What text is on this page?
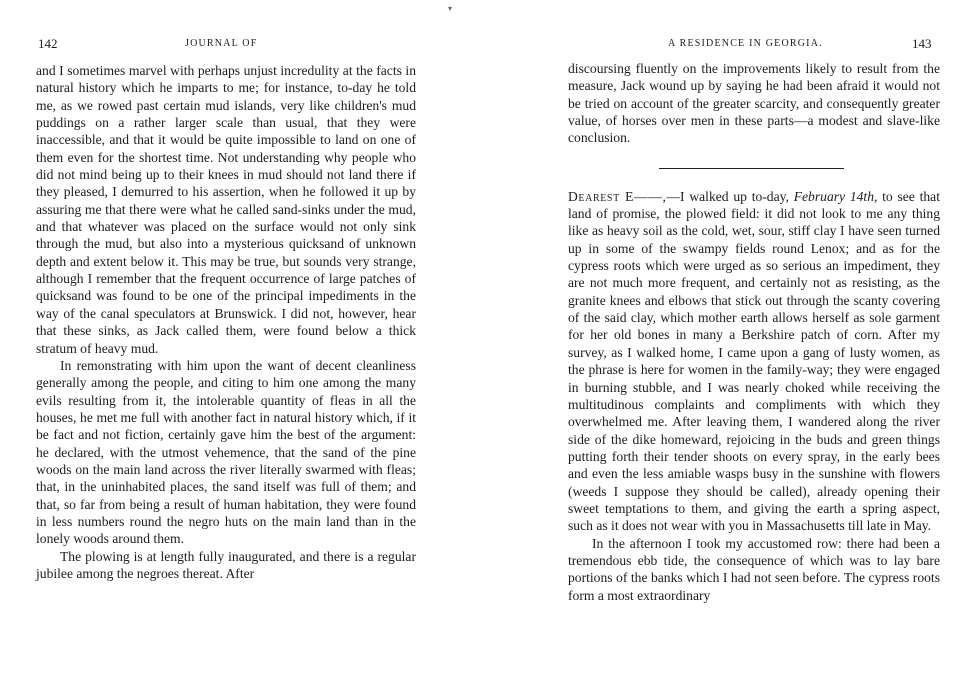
▾
142	JOURNAL OF

and I sometimes marvel with perhaps unjust incredulity at the facts in natural history which he imparts to me; for instance, to-day he told me, as we rowed past certain mud islands, very like children's mud puddings on a rather larger scale than usual, that they were inaccessible, and that it would be quite impossible to land on one of them even for the shortest time. Not understanding why people who did not mind being up to their knees in mud should not land there if they pleased, I demurred to his assertion, when he followed it up by assuring me that there were what he called sand-sinks under the mud, and that whatever was placed on the surface would not only sink through the mud, but also into a mysterious quicksand of unknown depth and extent below it. This may be true, but sounds very strange, although I remember that the frequent occurrence of large patches of quicksand was found to be one of the principal impediments in the way of the canal speculators at Brunswick. I did not, however, hear that these sinks, as Jack called them, were found below a thick stratum of heavy mud.

In remonstrating with him upon the want of decent cleanliness generally among the people, and citing to him one among the many evils resulting from it, the intolerable quantity of fleas in all the houses, he met me full with another fact in natural history which, if it be fact and not fiction, certainly gave him the best of the argument: he declared, with the utmost vehemence, that the sand of the pine woods on the main land across the river literally swarmed with fleas; that, in the uninhabited places, the sand itself was full of them; and that, so far from being a result of human habitation, they were found in less numbers round the negro huts on the main land than in the lonely woods around them.

The plowing is at length fully inaugurated, and there is a regular jubilee among the negroes thereat. After

A RESIDENCE IN GEORGIA.	143

discoursing fluently on the improvements likely to result from the measure, Jack wound up by saying he had been afraid it would not be tried on account of the greater scarcity, and consequently greater value, of horses over men in these parts—a modest and slave-like conclusion.

Dearest E——,—I walked up to-day, February 14th, to see that land of promise, the plowed field: it did not look to me any thing like as heavy soil as the cold, wet, sour, stiff clay I have seen turned up in some of the swampy fields round Lenox; and as for the cypress roots which were urged as so serious an impediment, they are not much more frequent, and certainly not as resisting, as the granite knees and elbows that stick out through the scanty covering of the said clay, which mother earth allows herself as sole garment for her old bones in many a Berkshire patch of corn. After my survey, as I walked home, I came upon a gang of lusty women, as the phrase is here for women in the family-way; they were engaged in burning stubble, and I was nearly choked while receiving the multitudinous complaints and compliments with which they overwhelmed me. After leaving them, I wandered along the river side of the dike homeward, rejoicing in the buds and green things putting forth their tender shoots on every spray, in the early bees and even the less amiable wasps busy in the sunshine with flowers (weeds I suppose they should be called), already opening their sweet temptations to them, and giving the earth a spring aspect, such as it does not wear with you in Massachusetts till late in May.

In the afternoon I took my accustomed row: there had been a tremendous ebb tide, the consequence of which was to lay bare portions of the banks which I had not seen before. The cypress roots form a most extraordinary
